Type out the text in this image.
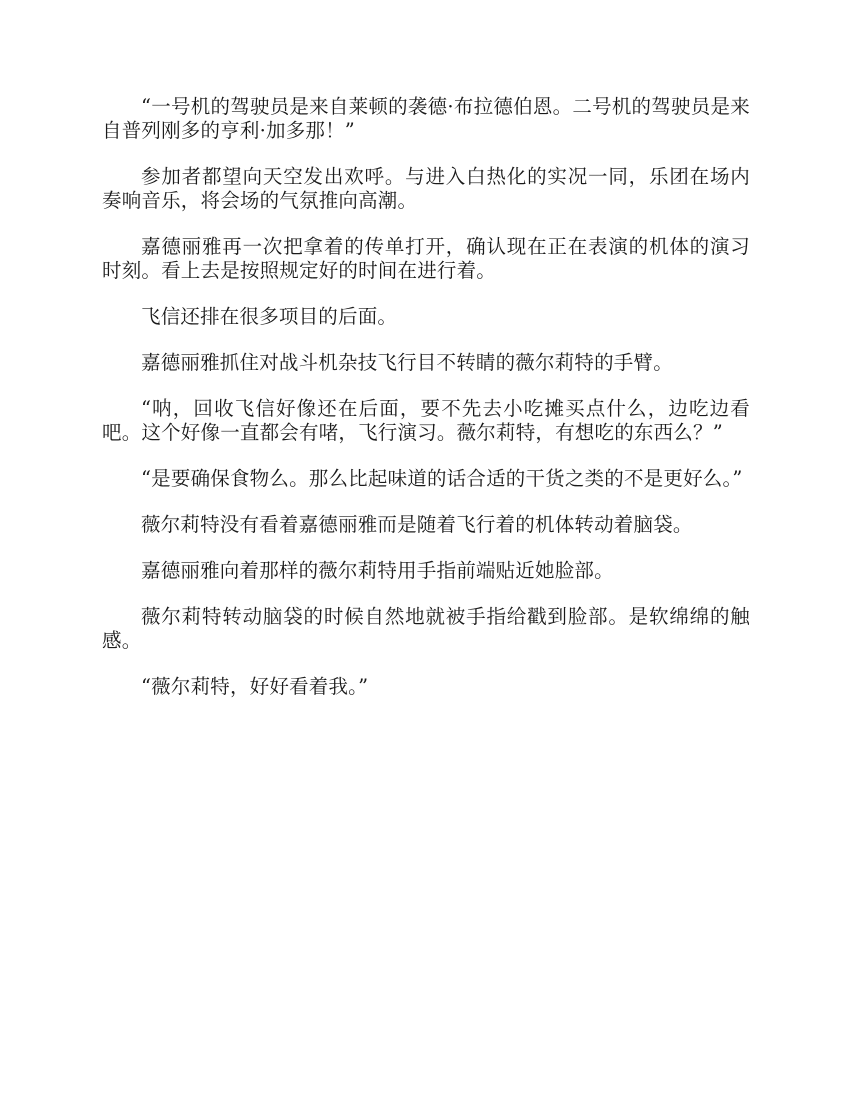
“一号机的驾驶员是来自莱顿的袭德·布拉德伯恩。二号机的驾驶员是来自普列刚多的亨利·加多那！”

参加者都望向天空发出欢呼。与进入白热化的实况一同，乐团在场内奏响音乐，将会场的气氛推向高潮。

嘉德丽雅再一次把拿着的传单打开，确认现在正在表演的机体的演习时刻。看上去是按照规定好的时间在进行着。

飞信还排在很多项目的后面。

嘉德丽雅抓住对战斗机杂技飞行目不转睛的薇尔莉特的手臂。

“呐，回收飞信好像还在后面，要不先去小吃摊买点什么，边吃边看吧。这个好像一直都会有啫，飞行演习。薇尔莉特，有想吃的东西么？”

“是要确保食物么。那么比起味道的话合适的干货之类的不是更好么。”

薇尔莉特没有看着嘉德丽雅而是随着飞行着的机体转动着脑袋。

嘉德丽雅向着那样的薇尔莉特用手指前端贴近她脸部。

薇尔莉特转动脑袋的时候自然地就被手指给戳到脸部。是软绵绵的触感。

“薇尔莉特，好好看着我。”
